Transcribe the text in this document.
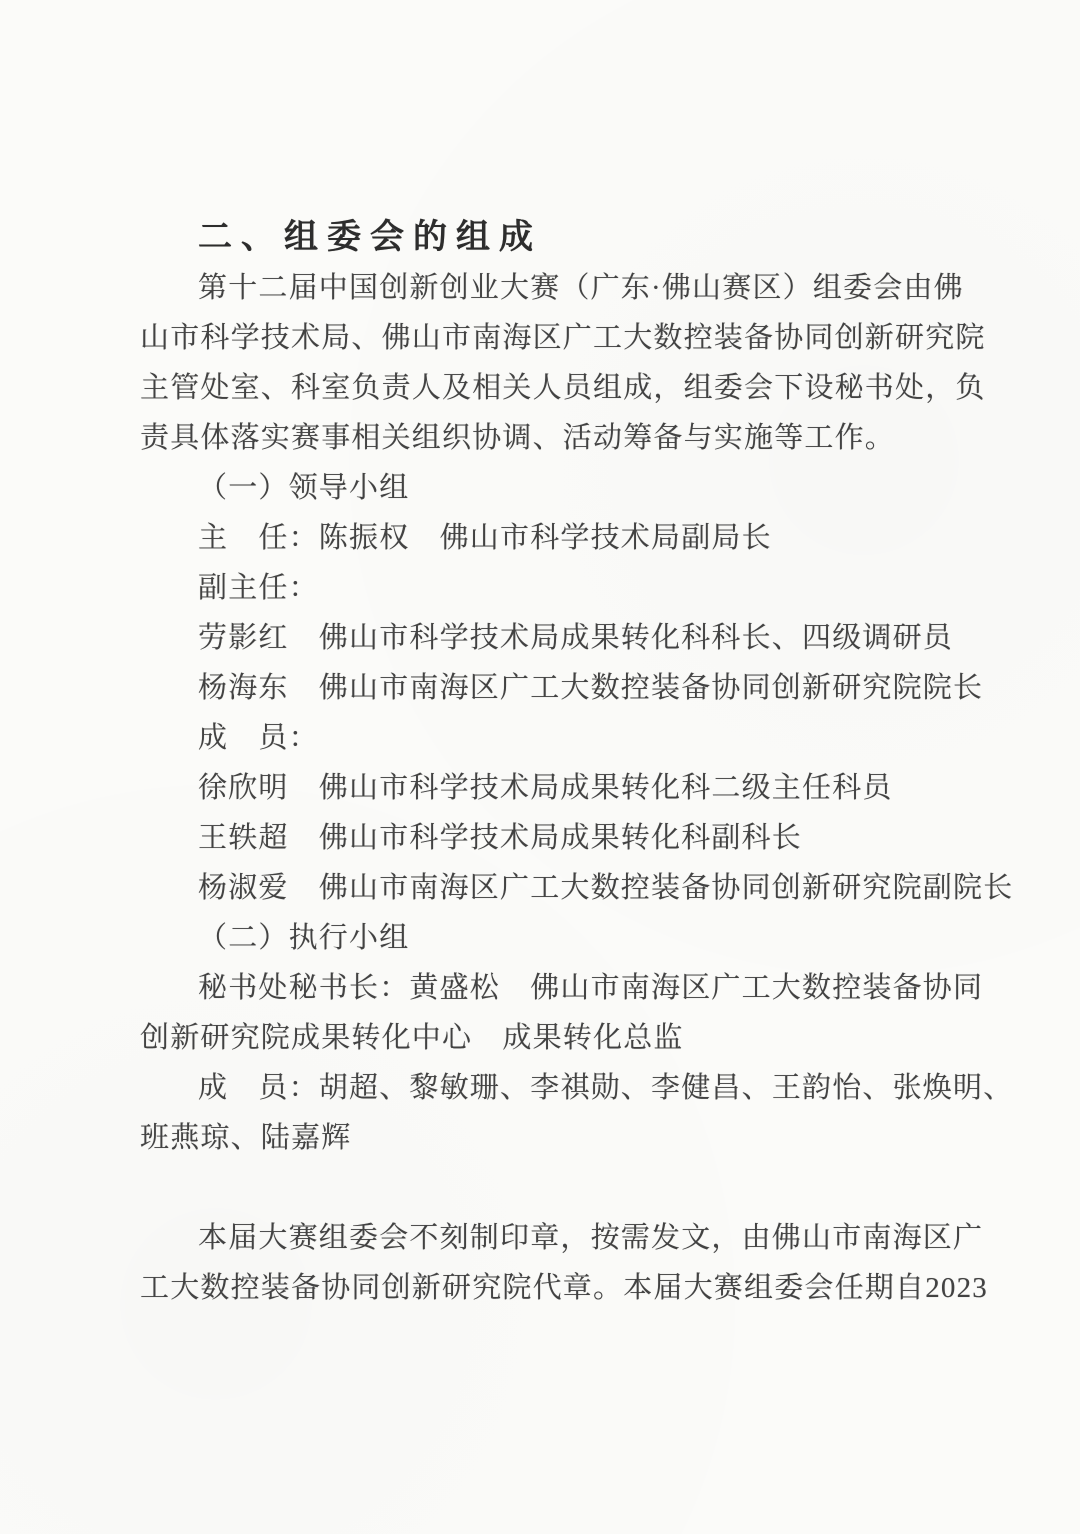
二、组委会的组成
第十二届中国创新创业大赛（广东·佛山赛区）组委会由佛
山市科学技术局、佛山市南海区广工大数控装备协同创新研究院
主管处室、科室负责人及相关人员组成，组委会下设秘书处，负
责具体落实赛事相关组织协调、活动筹备与实施等工作。
（一）领导小组
主　任：陈振权　佛山市科学技术局副局长
副主任：
劳影红　佛山市科学技术局成果转化科科长、四级调研员
杨海东　佛山市南海区广工大数控装备协同创新研究院院长
成　员：
徐欣明　佛山市科学技术局成果转化科二级主任科员
王轶超　佛山市科学技术局成果转化科副科长
杨淑爱　佛山市南海区广工大数控装备协同创新研究院副院长
（二）执行小组
秘书处秘书长：黄盛松　佛山市南海区广工大数控装备协同
创新研究院成果转化中心　成果转化总监
成　员：胡超、黎敏珊、李祺勋、李健昌、王韵怡、张焕明、
班燕琼、陆嘉辉
本届大赛组委会不刻制印章，按需发文，由佛山市南海区广
工大数控装备协同创新研究院代章。本届大赛组委会任期自2023
